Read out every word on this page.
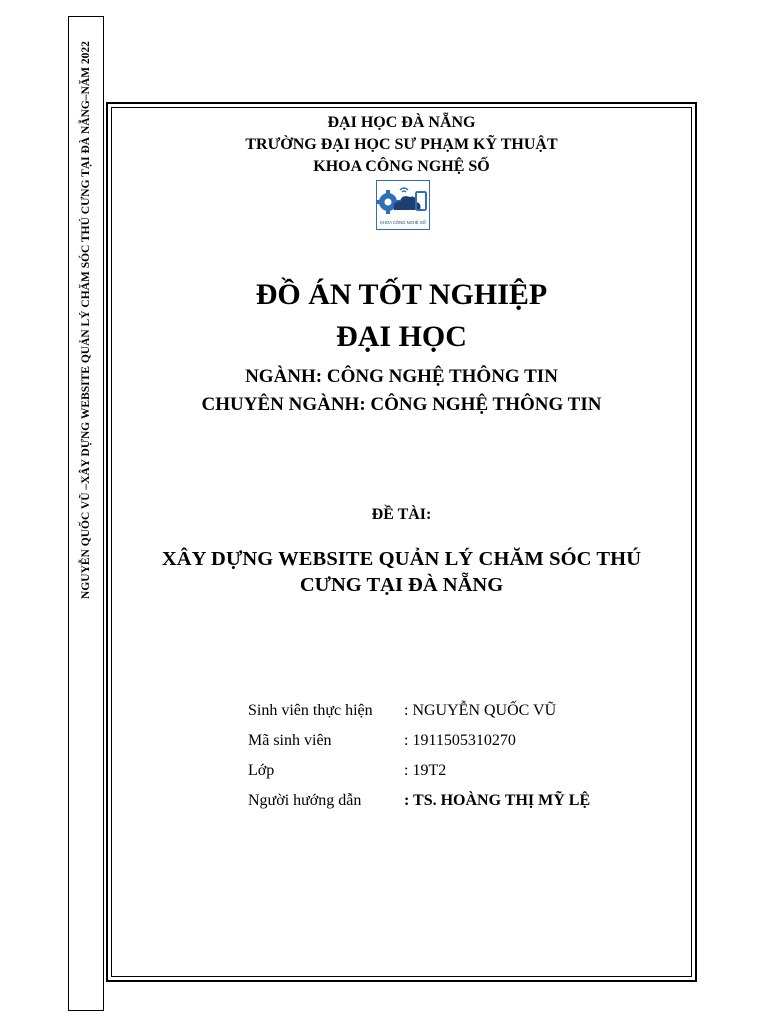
NGUYỄN QUỐC VŨ –XÂY DỰNG WEBSITE QUẢN LÝ CHĂM SÓC THÚ CƯNG TẠI ĐÀ NẴNG–NĂM 2022	ĐẠI HỌC ĐÀ NẴNG
TRƯỜNG ĐẠI HỌC SƯ PHẠM KỸ THUẬT
KHOA CÔNG NGHỆ SỐ
KHOA CÔNG NGHỆ SỐ
ĐỒ ÁN TỐT NGHIỆP
ĐẠI HỌC
NGÀNH: CÔNG NGHỆ THÔNG TIN
CHUYÊN NGÀNH: CÔNG NGHỆ THÔNG TIN
ĐỀ TÀI:
XÂY DỰNG WEBSITE QUẢN LÝ CHĂM SÓC THÚ
CƯNG TẠI ĐÀ NẴNG
Sinh viên thực hiện	: NGUYỄN QUỐC VŨ
Mã sinh viên	: 1911505310270
Lớp	: 19T2
Người hướng dẫn	: TS. HOÀNG THỊ MỸ LỆ
